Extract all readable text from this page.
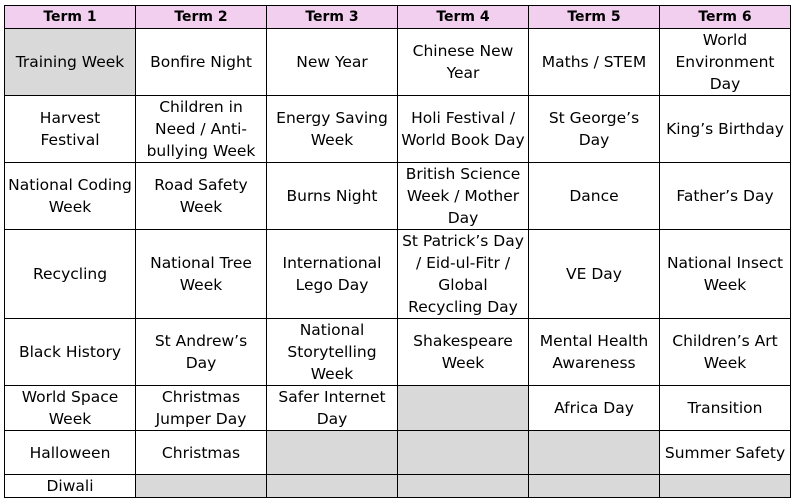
Term 1	Term 2	Term 3	Term 4	Term 5	Term 6
Training Week	Bonfire Night	New Year	Chinese New Year	Maths / STEM	World Environment Day
Harvest Festival	Children in Need / Anti-bullying Week	Energy Saving Week	Holi Festival / World Book Day	St George’s Day	King’s Birthday
National Coding Week	Road Safety Week	Burns Night	British Science Week / Mother Day	Dance	Father’s Day
Recycling	National Tree Week	International Lego Day	St Patrick’s Day / Eid-ul-Fitr / Global Recycling Day	VE Day	National Insect Week
Black History	St Andrew’s Day	National Storytelling Week	Shakespeare Week	Mental Health Awareness	Children’s Art Week
World Space Week	Christmas Jumper Day	Safer Internet Day		Africa Day	Transition
Halloween	Christmas				Summer Safety
Diwali					
